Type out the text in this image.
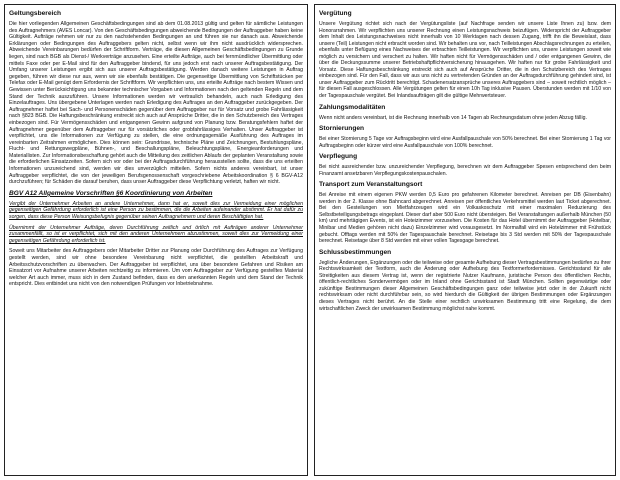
Geltungsbereich

Die hier vorliegenden Allgemeinen Geschäftsbedingungen sind ab dem 01.08.2013 gültig und gelten für sämtliche Leistungen des Auftragnehmers (AVES Loncar). Von den Geschäftsbedingungen abweichende Bedingungen der Auftraggeber haben keine Gültigkeit. Aufträge nehmen wir nur zu den nachstehenden Bedingungen an und führen sie nur danach aus. Abweichende Erklärungen oder Bedingungen des Auftraggebers gelten nicht, selbst wenn wir ihm nicht ausdrücklich widersprechen. Abweichende Vereinbarungen bedürfen der Schriftform. Verträge, die diesen Allgemeinen Geschäftsbedingungen zu Grunde liegen, sind nach BGB als Dienst-/ Werkverträge anzusehen. Eine erteilte Aufträge, auch bei fernmündlicher Übermittlung oder mittels Faxe oder per E-Mail sind für den Auftraggeber bindend, für uns jedoch erst nach unserer Auftragsbestätigung. Der Umfang unserer Leistungen ergibt sich aus unserer Auftragsbestätigung. Werden danach weitere Leistungen in Auftrag gegeben, führen wir diese nur aus, wenn wir sie ebenfalls bestätigen. Die gegenseitige Übermittlung von Schriftstücken per Telefax oder E-Mail genügt dem Erfordernis der Schriftform. Wir verpflichten uns, uns erteilte Aufträge nach bestem Wissen und Gewissen unter Berücksichtigung uns bekannter technischer Vorgaben und Informationen nach den geltenden Regeln und dem Stand der Technik auszuführen. Unsere Informationen werden wir vertraulich behandeln, auch nach Erledigung des Einzelauftrages. Uns übergebene Unterlagen werden nach Erledigung des Auftrages an den Auftraggeber zurückgegeben. Der Auftragnehmer haftet bei Sach- und Personenschäden gegenüber dem Auftraggeber nur für Vorsatz und grobe Fahrlässigkeit nach §823 BGB. Die Haftungsbeschränkung erstreckt sich auch auf Ansprüche Dritter, die in den Schutzbereich des Vertrages einbezogen sind. Für Vermögensschäden und entgangenen Gewinn aufgrund von Planung bzw. Beratungsfehlern haftet der Auftragnehmer gegenüber dem Auftraggeber nur für vorsätzliches oder grobfahrlässiges Verhalten. Unser Auftraggeber ist verpflichtet, uns die Informationen zur Verfügung zu stellen, die eine ordnungsgemäße Ausführung des Auftrages im vereinbarten Zeitrahmen ermöglichen. Dies können sein: Grundrisse, technische Pläne und Zeichnungen, Bestuhlungspläne, Flucht- und Rettungswegpläne, Bühnen-, und Beschallungspläne, Beleuchtungspläne, Energieanforderungen und Materiallisten. Zur Informationsbeschaffung gehört auch die Mitteilung des zeitlichen Ablaufs der geplanten Veranstaltung sowie die erforderlichen Einsatzzeiten. Sofern sich vor oder bei der Auftragsdurchführung herausstellen sollte, dass die uns erteilten Informationen unzureichend sind, werden wir dies unverzüglich mitteilen. Sofern nichts anderes vereinbart, ist unser Auftraggeber verpflichtet, die von der jeweiligen Berufsgenossenschaft vorgeschriebene Arbeitskoordination § 6 BGV-A12 durchzuführen; für Schäden die darauf beruhen, dass unser Auftraggeber diese Verpflichtung verletzt, haften wir nicht.

BGV A12 Allgemeine Vorschriften §6 Koordinierung von Arbeiten

Vergibt der Unternehmer Arbeiten an andere Unternehmer, dann hat er, soweit dies zur Vermeidung einer möglichen gegenseitigen Gefährdung erforderlich ist eine Person zu bestimmen, die die Arbeiten aufeinander abstimmt. Er hat dafür zu sorgen, dass diese Person Weisungsbefugnis gegenüber seinen Auftragnehmern und deren Beschäftigten hat.

Übernimmt der Unternehmer Aufträge, deren Durchführung zeitlich und örtlich mit Aufträgen anderer Unternehmer zusammenfällt, so ist er verpflichtet, sich mit den anderen Unternehmern abzustimmen, soweit dies zur Vermeidung einer gegenseitigen Gefährdung erforderlich ist.

Soweit uns Mitarbeiter des Auftraggebers oder Mitarbeiter Dritter zur Planung oder Durchführung des Auftrages zur Verfügung gestellt werden, sind wir ohne besondere Vereinbarung nicht verpflichtet, die gestellten Arbeitskraft und Arbeitsschutzvorschriften zu überwachen. Der Auftraggeber ist verpflichtet, uns über besondere Gefahren und Risiken am Einsatzort vor Aufnahme unserer Arbeiten rechtzeitig zu informieren. Um vom Auftraggeber zur Verfügung gestelltes Material welcher Art auch immer, muss sich in dem Zustand befinden, dass es den anerkannten Regeln und dem Stand der Technik entspricht. Dies entbindet uns nicht von den notwendigen Prüfungen vor Inbetriebnahme.

Vergütung

Unsere Vergütung richtet sich nach der Vergütungsliste (auf Nachfrage senden wir unsere Liste Ihnen zu) bzw. dem Honorarrahmen. Wir verpflichten uns unserer Rechnung einen Leistungsnachweis beizufügen. Widerspricht der Auftraggeber dem Inhalt des Leistungsnachweises nicht innerhalb von 10 Werktagen nach dessen Zugang, trifft ihn die Beweislast, dass unsere (Teil) Leistungen nicht erbracht worden sind. Wir behalten uns vor, nach Teilleistungen Abschlagsrechnungen zu erteilen, ebenfalls unter Befügung eines Nachweises der erbrachten Teilleistungen. Wir verpflichten uns, unsere Leistungen soweit wie möglich zu versichern und verschert zu halten. Wir haften nicht für Vermögensschäden und / oder entgangenen Gewinn, die über die Deckungssumme unserer Betriebshaftpflichtversicherung hinausgehen. Wir haften nur für grobe Fahrlässigkeit und Vorsatz. Diese Haftungsbeschränkung erstreckt sich auch auf Ansprüche Dritter, die in den Schutzbereich des Vertrages einbezogen sind. Für den Fall, dass wir aus uns nicht zu vertretenden Gründen an der Auftragsdurchführung gehindert sind, ist unser Auftraggeber zum Rücktritt berechtigt. Schadenersatzansprüche unseres Auftraggebers sind – soweit rechtlich möglich – für diesen Fall ausgeschlossen. Alle Vergütungen gelten für einen 10h Tag inklusive Pausen. Überstunden werden mit 1/10 von der Tagespauschale vergütet. Bei Inlandsaufträgen gilt die gültige Mehrwertsteuer.

Zahlungsmodalitäten

Wenn nicht anders vereinbart, ist die Rechnung innerhalb von 14 Tagen ab Rechnungsdatum ohne jeden Abzug fällig.

Stornierungen

Bei einer Stornierung 5 Tage vor Auftragsbeginn wird eine Ausfallpauschale von 50% berechnet. Bei einer Stornierung 1 Tag vor Auftragsbeginn oder kürzer wird eine Ausfallpauschale von 100% berechnet.

Verpflegung

Bei nicht ausreichender bzw. unzureichender Verpflegung, berechnen wir dem Auftraggeber Spesen entsprechend den beim Finanzamt ansetzbaren Verpflegungskostenpauschalen.

Transport zum Veranstaltungsort

Bei Anreise mit einem eigenen PKW werden 0,5 Euro pro gefahrenen Kilometer berechnet. Anreisen per DB (Eisenbahn) werden in der 2. Klasse ohne Bahncard abgerechnet. Anreisen per öffentliches Verkehrsmittel werden laut Ticket abgerechnet. Bei den Gesteilungen von Mietfahrzeugen wird ein Volkaskoschutz mit einer maximalen Reduzierung des Selbstbeteiligungsbetrags eingeplant. Dieser darf aber 500 Euro nicht übersteigen. Bei Veranstaltungen außerhalb München (50 km) und mehrtägigen Events, ist ein Hoteizimmer vorzusehen. Die Kosten für das Hotel übernimmt der Auftraggeber (Hotelbar, Minibar und Medien gehören nicht dazu) Einzelzimmer wird vorausgesetzt. Im Normalfall wird ein Hotelzimmer mit Frühstück gebucht. Offtags werden mit 50% der Tagespauschale berechnet. Reisetage bis 3 Std werden mit 50% der Tagespauschale berechnet. Reisetage über 8 Std werden mit einer vollen Tagesgage berechnet.

Schlussbestimmungen

Jegliche Änderungen, Ergänzungen oder die teilweise oder gesamte Aufhebung dieser Vertragsbestimmungen bedürfen zu ihrer Rechtswirksamkeit der Textform, auch die Änderung oder Aufhebung des Textformerfordernisses. Gerichtsstand für alle Streitigkeiten aus diesem Vertrag ist, wenn der registrierte Nutzer Kaufmann, juristische Person des öffentlichen Rechts, öffentlich-rechtliches Sondervermögen oder im Inland ohne Gerichtsstand ist Stadt München. Sollten gegenwärtige oder zukünftige Bestimmungen dieser Allgemeinen Geschäftsbedingungen ganz oder teilweise jetzt oder in der Zukunft nicht rechtswirksam oder nicht durchführbar sein, so wird hierdurch die Gültigkeit der übrigen Bestimmungen oder Ergänzungen dieses Vertrages nicht berührt. An die Stelle einer rechtlich unwirksamen Bestimmung tritt eine Regelung, die dem wirtschaftlichen Zweck der unwirksamen Bestimmung möglichst nahe kommt.
